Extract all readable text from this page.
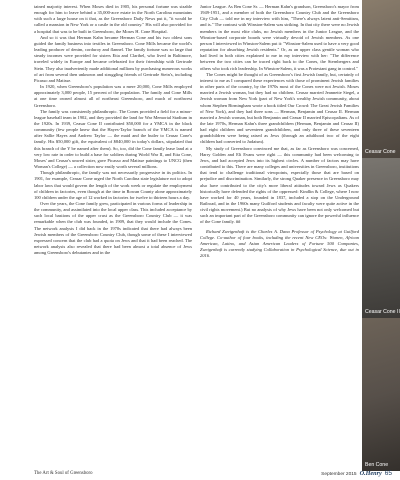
tained majority interest. When Moses died in 1905, his personal fortune was sizable enough for him to leave behind a 35,000-acre estate in the North Carolina mountains with such a large house on it that, as the Greensboro Daily News put it, "it would be called a mansion in New York or a castle in the old country." His will also provided for a hospital that was to be built in Greensboro, the Moses H. Cone Hospital.

And so it was that Herman Kahn became Herman Cone and his two oldest sons guided the family business into textiles in Greensboro. Cone Mills became the world's leading producer of denim, corduroy and flannel. The family fortune was so large that steady incomes were provided for sisters Etta and Claribel, who lived in Baltimore, traveled widely in Europe and became celebrated for their friendship with Gertrude Stein. They also inadvertently made additional millions by purchasing numerous works of art from several then unknown and struggling friends of Gertrude Stein's, including Picasso and Matisse.

In 1920, when Greensboro's population was a mere 20,000, Cone Mills employed approximately 3,000 people, 15 percent of the population. The family and Cone Mills at one time owned almost all of northeast Greensboro, and much of northwest Greensboro.

The family was consistently philanthropic. The Cones provided a field for a minor-league baseball team in 1902, and they provided the land for War Memorial Stadium in the 1920s. In 1939, Ceasar Cone II contributed $50,000 for a YMCA in the black community (few people knew that the Hayes-Taylor branch of the YMCA is named after Sallie Hayes and Andrew Taylor — the maid and the butler to Ceasar Cone's family. His $50,000 gift, the equivalent of $840,000 in today's dollars, stipulated that this branch of the Y be named after them). So, too, did the Cone family lease land at a very low rate in order to build a base for soldiers during World War II, and Etta Cone, Moses' and Ceasar's unwed sister, gave Picasso and Matisse paintings to UNCG (then Woman's College) — a collection now easily worth several millions.

Though philanthropic, the family was not necessarily progressive in its politics. In 1901, for example, Ceasar Cone urged the North Carolina state legislature not to adopt labor laws that would govern the length of the work week or regulate the employment of children in factories, even though at the time in Rowan County alone approximately 100 children under the age of 12 worked in factories for twelve to thirteen hours a day.

Over the years, the Cone family grew, participated in various forms of leadership in the community, and assimilated into the local upper class. This included acceptance by such local bastions of the upper crust as the Greensboro Country Club — it was remarkable when the club was founded, in 1909, that they would include the Cones. The network analysis I did back in the 1970s indicated that there had always been Jewish members of the Greensboro Country Club, though some of these I interviewed expressed concern that the club had a quota on Jews and that it had been reached. The network analysis also revealed that there had been almost a total absence of Jews among Greensboro's debutantes and in the

Junior League. As Ben Cone Sr. — Herman Kahn's grandson, Greensboro's mayor from 1949-1951, and a member of both the Greensboro Country Club and the Greensboro City Club — told me in my interview with him, "There's always latent anti-Semitism, and is." The contrast with Winston-Salem was striking. In that city there were no Jewish members in the most elite clubs, no Jewish members in the Junior League, and the Winston-based corporate boards were virtually devoid of Jewish members. As one person I interviewed in Winston-Salem put it: "Winston-Salem used to have a very good reputation for absorbing Jewish residents." Or, as an upper class gentile woman who had lived in both cities explained to me in my interview with her: "The difference between the two cities can be traced right back to the Cones, the Sternbergers and others who took rich leadership. In Winston-Salem, it was a Protestant gang in control."

The Cones might be thought of as Greensboro's first Jewish family, but, certainly of interest to me as I compared these experiences with those of prominent Jewish families in other parts of the country, by the 1970s most of the Cones were not Jewish. Moses married a Jewish woman, but they had no children. Ceasar married Jeannette Siegel, a Jewish woman from New York (part of New York's wealthy Jewish community, about whom Stephen Birmingham wrote a book titled Our Crowd: The Great Jewish Families of New York), and they had three sons — Herman, Benjamin and Ceasar II. Herman married a Jewish woman, but both Benjamin and Ceasar II married Episcopalians. As of the late 1970s, Herman Kahn's three grandchildren (Herman, Benjamin and Ceasar II) had eight children and seventeen grandchildren, and only three of these seventeen grandchildren were being raised as Jews (through an adulthood two of the eight children had converted to Judaism).

My study of Greensboro convinced me that, as far as Greensboro was concerned, Harry Golden and Eli Evans were right — this community had been welcoming to Jews, and had accepted Jews into its highest circles. A number of factors may have contributed to this. There are many colleges and universities in Greensboro, institutions that tend to challenge traditional viewpoints, especially those that are based on prejudice and discrimination. Similarly, the strong Quaker presence in Greensboro may also have contributed to the city's more liberal attitudes toward Jews as Quakers historically have defended the rights of the oppressed: Kindlin & College, where I now have worked for 40 years, founded in 1837, included a stop on the Underground Railroad, and in the 1960s many Guilford students and faculty were quite active in the civil rights movement.) But no analysis of why Jews have been not only welcomed but such an important part of the Greensboro community can ignore the powerful influence of the Cone family. ##

Richard Zweigenhaft is the Charles A. Dana Professor of Psychology at Guilford College. Co-author of four books, including the recent New CEOs: Women, African American, Latino, and Asian American Leaders of Fortune 500 Companies, Zweigenhaft is currently studying Collaboration in Psychological Science, due out in 2016.

Ceasar Cone
Ceasar Cone II
Ben Cone
The Art & Soul of Greensboro	September 2015 O.Henry 65
